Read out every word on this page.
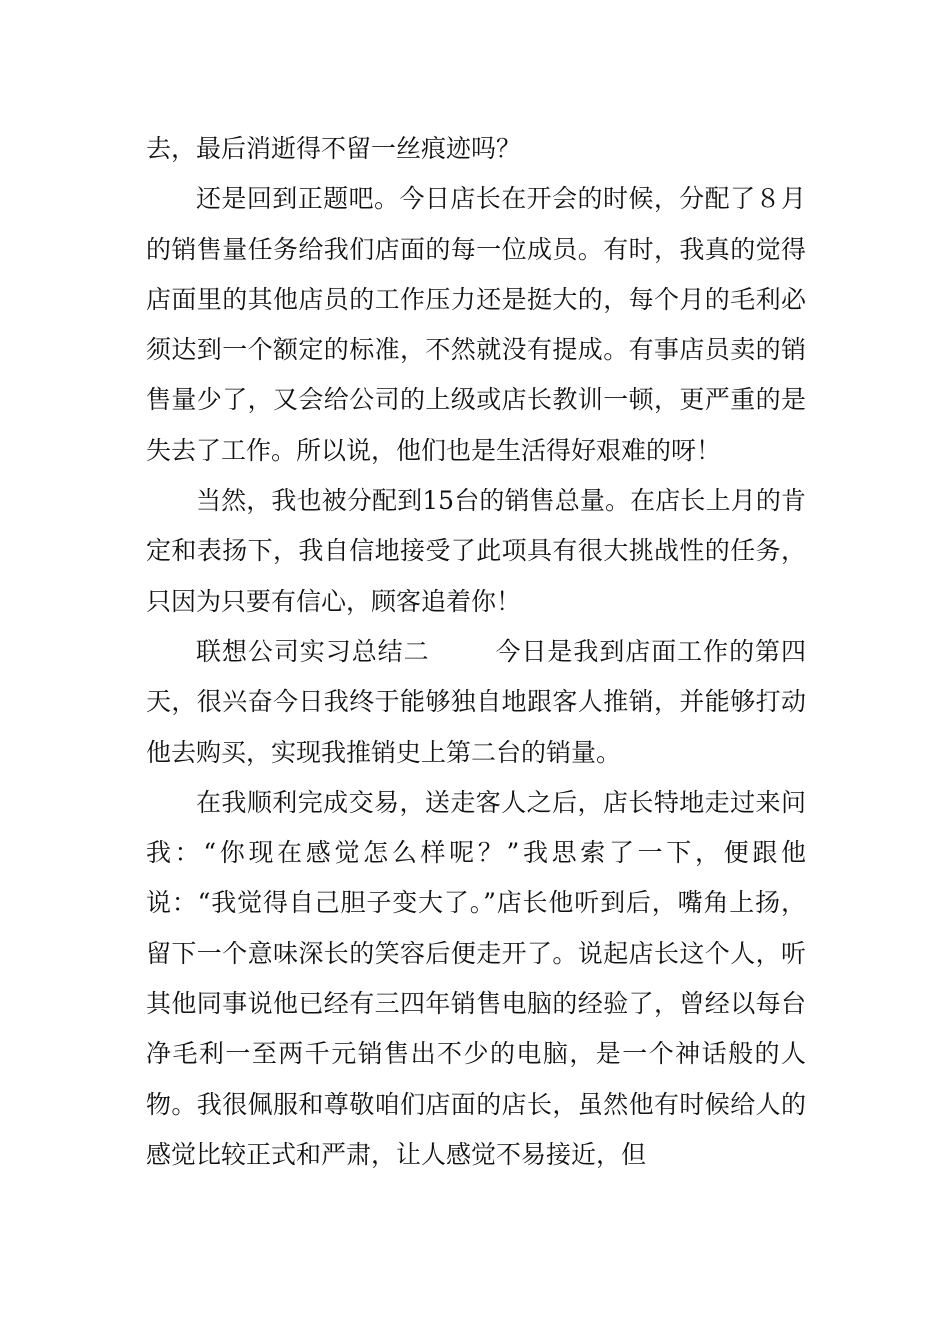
去，最后消逝得不留一丝痕迹吗？

还是回到正题吧。今日店长在开会的时候，分配了８月的销售量任务给我们店面的每一位成员。有时，我真的觉得店面里的其他店员的工作压力还是挺大的，每个月的毛利必须达到一个额定的标准，不然就没有提成。有事店员卖的销售量少了，又会给公司的上级或店长教训一顿，更严重的是失去了工作。所以说，他们也是生活得好艰难的呀！

当然，我也被分配到15台的销售总量。在店长上月的肯定和表扬下，我自信地接受了此项具有很大挑战性的任务，只因为只要有信心，顾客追着你！

联想公司实习总结二	今日是我到店面工作的第四天，很兴奋今日我终于能够独自地跟客人推销，并能够打动他去购买，实现我推销史上第二台的销量。

在我顺利完成交易，送走客人之后，店长特地走过来问我：“你现在感觉怎么样呢？”我思索了一下，便跟他说：“我觉得自己胆子变大了。”店长他听到后，嘴角上扬，留下一个意味深长的笑容后便走开了。说起店长这个人，听其他同事说他已经有三四年销售电脑的经验了，曾经以每台净毛利一至两千元销售出不少的电脑，是一个神话般的人物。我很佩服和尊敬咱们店面的店长，虽然他有时候给人的感觉比较正式和严肃，让人感觉不易接近，但
